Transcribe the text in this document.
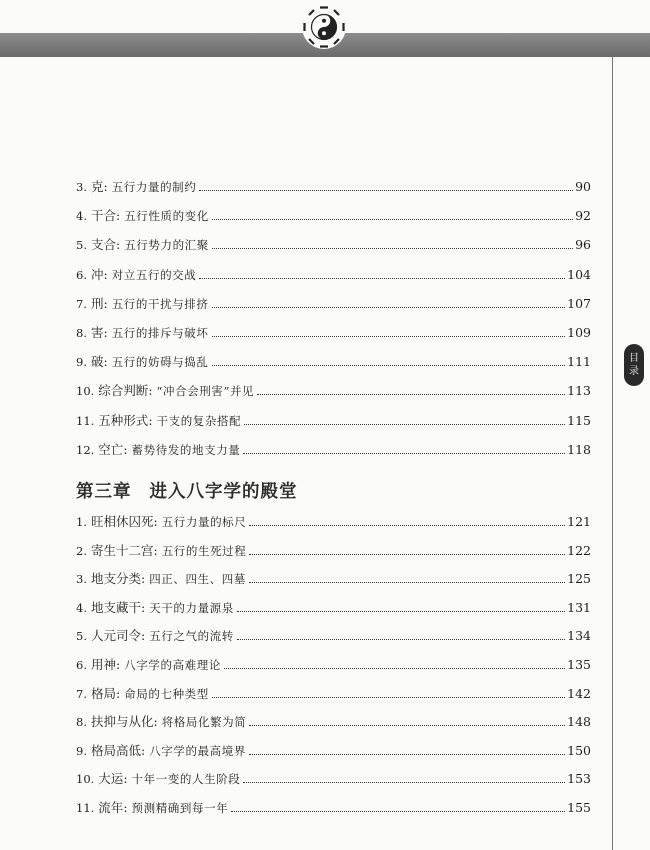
目
录
3. 克: 五行力量的制约	90
4. 干合: 五行性质的变化	92
5. 支合: 五行势力的汇聚	96
6. 冲: 对立五行的交战	104
7. 刑: 五行的干扰与排挤	107
8. 害: 五行的排斥与破坏	109
9. 破: 五行的妨碍与捣乱	111
10. 综合判断: “冲合会刑害”并见	113
11. 五种形式: 干支的复杂搭配	115
12. 空亡: 蓄势待发的地支力量	118
第三章 进入八字学的殿堂
1. 旺相休囚死: 五行力量的标尺	121
2. 寄生十二宫: 五行的生死过程	122
3. 地支分类: 四正、四生、四墓	125
4. 地支藏干: 天干的力量源泉	131
5. 人元司令: 五行之气的流转	134
6. 用神: 八字学的高难理论	135
7. 格局: 命局的七种类型	142
8. 扶抑与从化: 将格局化繁为简	148
9. 格局高低: 八字学的最高境界	150
10. 大运: 十年一变的人生阶段	153
11. 流年: 预测精确到每一年	155
